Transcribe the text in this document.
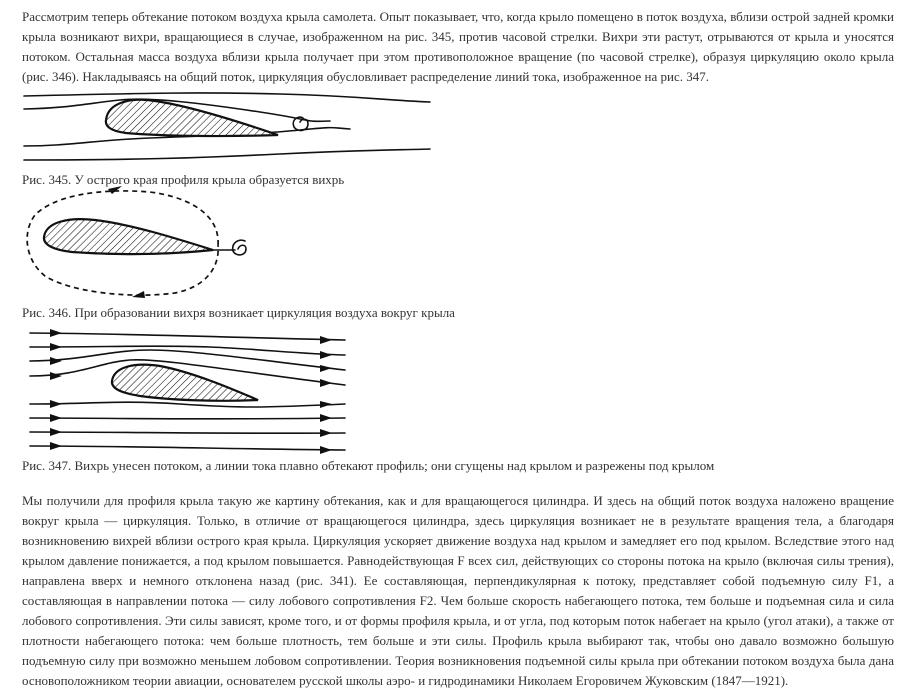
Рассмотрим теперь обтекание потоком воздуха крыла самолета. Опыт показывает, что, когда крыло помещено в поток воздуха, вблизи острой задней кромки крыла возникают вихри, вращающиеся в случае, изображенном на рис. 345, против часовой стрелки. Вихри эти растут, отрываются от крыла и уносятся потоком. Остальная масса воздуха вблизи крыла получает при этом противоположное вращение (по часовой стрелке), образуя циркуляцию около крыла (рис. 346). Накладываясь на общий поток, циркуляция обусловливает распределение линий тока, изображенное на рис. 347.

Рис. 345. У острого края профиля крыла образуется вихрь

Рис. 346. При образовании вихря возникает циркуляция воздуха вокруг крыла

Рис. 347. Вихрь унесен потоком, а линии тока плавно обтекают профиль; они сгущены над крылом и разрежены под крылом

Мы получили для профиля крыла такую же картину обтекания, как и для вращающегося цилиндра. И здесь на общий поток воздуха наложено вращение вокруг крыла — циркуляция. Только, в отличие от вращающегося цилиндра, здесь циркуляция возникает не в результате вращения тела, а благодаря возникновению вихрей вблизи острого края крыла. Циркуляция ускоряет движение воздуха над крылом и замедляет его под крылом. Вследствие этого над крылом давление понижается, а под крылом повышается. Равнодействующая F всех сил, действующих со стороны потока на крыло (включая силы трения), направлена вверх и немного отклонена назад (рис. 341). Ее составляющая, перпендикулярная к потоку, представляет собой подъемную силу F1, а составляющая в направлении потока — силу лобового сопротивления F2. Чем больше скорость набегающего потока, тем больше и подъемная сила и сила лобового сопротивления. Эти силы зависят, кроме того, и от формы профиля крыла, и от угла, под которым поток набегает на крыло (угол атаки), а также от плотности набегающего потока: чем больше плотность, тем больше и эти силы. Профиль крыла выбирают так, чтобы оно давало возможно большую подъемную силу при возможно меньшем лобовом сопротивлении. Теория возникновения подъемной силы крыла при обтекании потоком воздуха была дана основоположником теории авиации, основателем русской школы аэро- и гидродинамики Николаем Егоровичем Жуковским (1847—1921).
